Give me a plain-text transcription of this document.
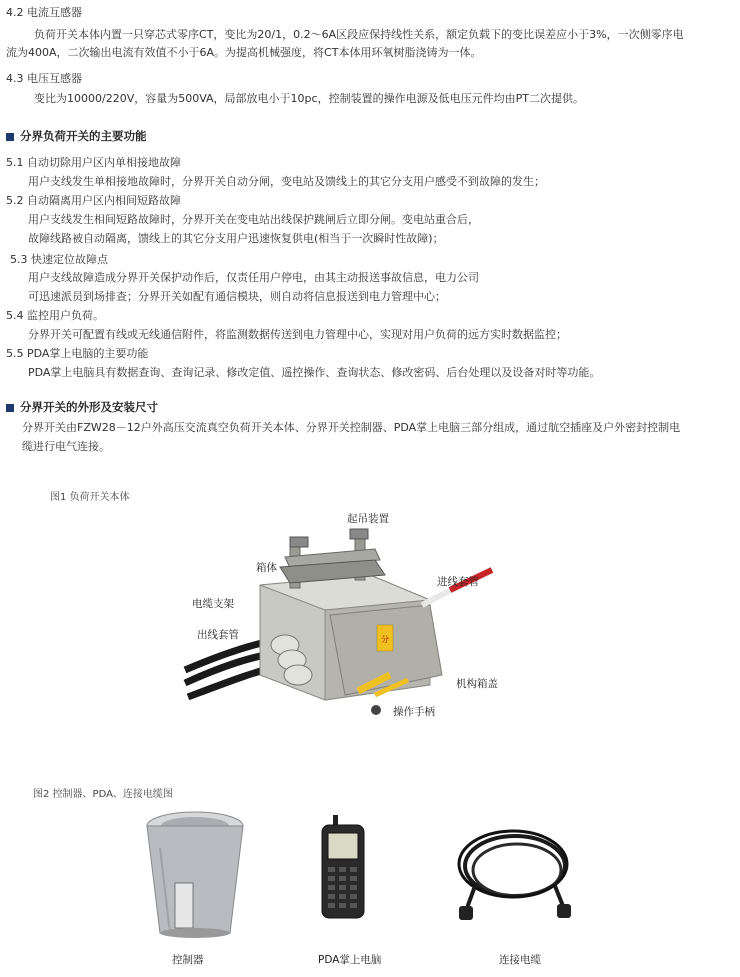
4.2 电流互感器
负荷开关本体内置一只穿芯式零序CT，变比为20/1，0.2～6A区段应保持线性关系，额定负载下的变比误差应小于3%，一次侧零序电
流为400A，二次输出电流有效值不小于6A。为提高机械强度，将CT本体用环氧树脂浇铸为一体。
4.3 电压互感器
变比为10000/220V，容量为500VA，局部放电小于10pc，控制装置的操作电源及低电压元件均由PT二次提供。
分界负荷开关的主要功能
5.1 自动切除用户区内单相接地故障
用户支线发生单相接地故障时，分界开关自动分闸，变电站及馈线上的其它分支用户感受不到故障的发生；
5.2 自动隔离用户区内相间短路故障
用户支线发生相间短路故障时，分界开关在变电站出线保护跳闸后立即分闸。变电站重合后，
故障线路被自动隔离，馈线上的其它分支用户迅速恢复供电(相当于一次瞬时性故障)；
5.3 快速定位故障点
用户支线故障造成分界开关保护动作后，仅责任用户停电，由其主动报送事故信息，电力公司
可迅速派员到场排查；分界开关如配有通信模块，则自动将信息报送到电力管理中心；
5.4 监控用户负荷。
分界开关可配置有线或无线通信附件，将监测数据传送到电力管理中心，实现对用户负荷的远方实时数据监控；
5.5 PDA掌上电脑的主要功能
PDA掌上电脑具有数据查询、查询记录、修改定值、遥控操作、查询状态、修改密码、后台处理以及设备对时等功能。
分界开关的外形及安装尺寸
分界开关由FZW28－12户外高压交流真空负荷开关本体、分界开关控制器、PDA掌上电脑三部分组成，通过航空插座及户外密封控制电
缆进行电气连接。
图1 负荷开关本体
分
起吊装置
箱体
进线套管
电缆支架
出线套管
机构箱盖
操作手柄
图2 控制器、PDA、连接电缆图
控制器	PDA掌上电脑	连接电缆
